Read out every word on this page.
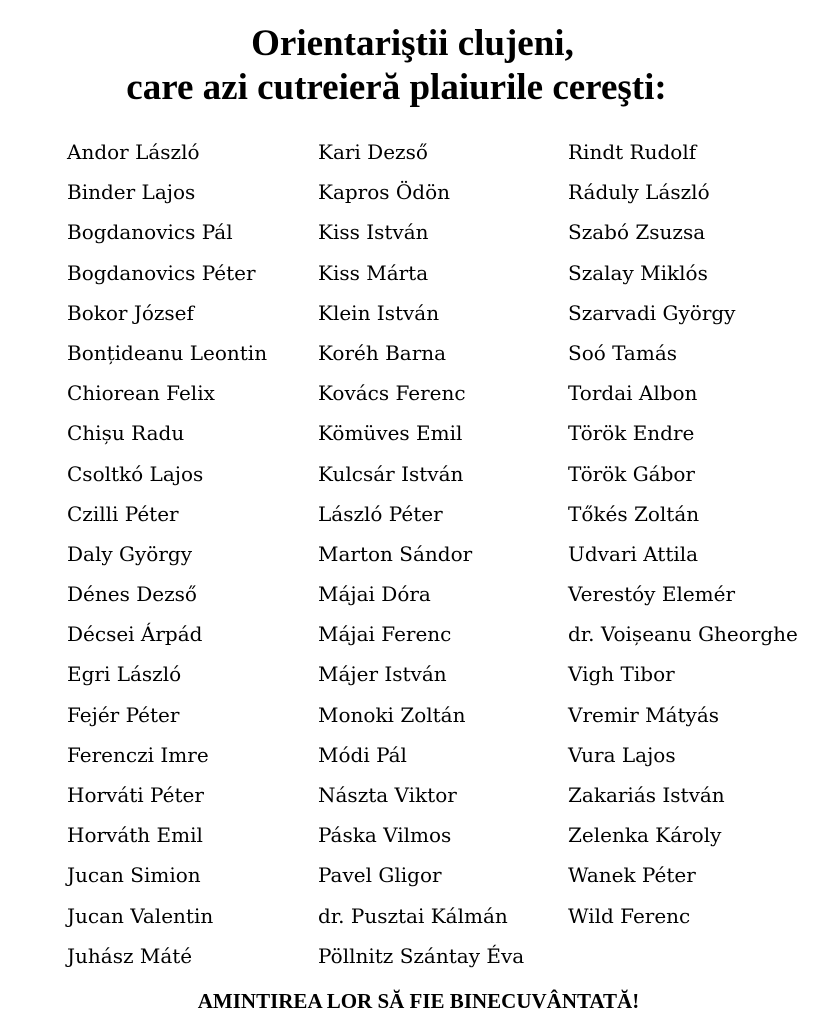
Orientariştii clujeni,
care azi cutreieră plaiurile cereşti:
Andor László
Binder Lajos
Bogdanovics Pál
Bogdanovics Péter
Bokor József
Bonțideanu Leontin
Chiorean Felix
Chișu Radu
Csoltkó Lajos
Czilli Péter
Daly György
Dénes Dezső
Décsei Árpád
Egri László
Fejér Péter
Ferenczi Imre
Horváti Péter
Horváth Emil
Jucan Simion
Jucan Valentin
Juhász Máté
Kari Dezső
Kapros Ödön
Kiss István
Kiss Márta
Klein István
Koréh Barna
Kovács Ferenc
Kömüves Emil
Kulcsár István
László Péter
Marton Sándor
Májai Dóra
Májai Ferenc
Májer István
Monoki Zoltán
Módi Pál
Nászta Viktor
Páska Vilmos
Pavel Gligor
dr. Pusztai Kálmán
Pöllnitz Szántay Éva
Rindt Rudolf
Ráduly László
Szabó Zsuzsa
Szalay Miklós
Szarvadi György
Soó Tamás
Tordai Albon
Török Endre
Török Gábor
Tőkés Zoltán
Udvari Attila
Verestóy Elemér
dr. Voișeanu Gheorghe
Vigh Tibor
Vremir Mátyás
Vura Lajos
Zakariás István
Zelenka Károly
Wanek Péter
Wild Ferenc

AMINTIREA LOR SĂ FIE BINECUVÂNTATĂ!
